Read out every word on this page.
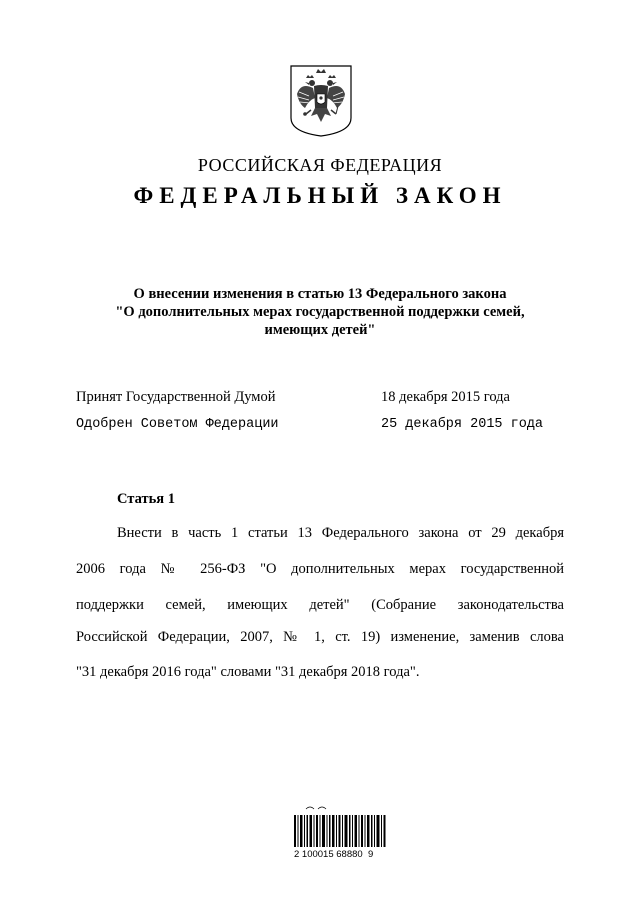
РОССИЙСКАЯ ФЕДЕРАЦИЯ
ФЕДЕРАЛЬНЫЙ ЗАКОН
О внесении изменения в статью 13 Федерального закона
"О дополнительных мерах государственной поддержки семей,
имеющих детей"
Принят Государственной Думой	18 декабря 2015 года
Одобрен Советом Федерации	25 декабря 2015 года
Статья 1
Внести в часть 1 статьи 13 Федерального закона от 29 декабря
2006 года № 256-ФЗ "О дополнительных мерах государственной
поддержки семей, имеющих детей" (Собрание законодательства
Российской Федерации, 2007, № 1, ст. 19) изменение, заменив слова
"31 декабря 2016 года" словами "31 декабря 2018 года".
2 100015 68880  9
